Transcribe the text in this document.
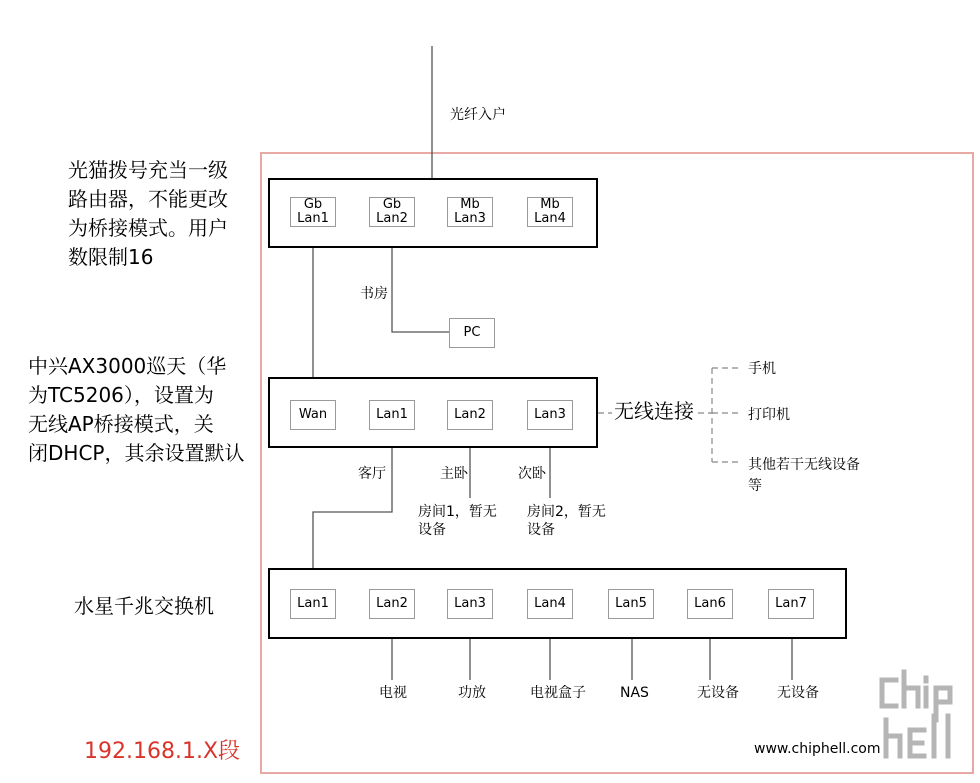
光纤入户
光猫拨号充当一级
路由器，不能更改
为桥接模式。用户
数限制16
中兴AX3000巡天（华
为TC5206），设置为
无线AP桥接模式，关
闭DHCP，其余设置默认
水星千兆交换机
Gb
Lan1
Gb
Lan2
Mb
Lan3
Mb
Lan4
书房
PC
Wan	Lan1	Lan2	Lan3	无线连接
手机
打印机
其他若干无线设备
等
客厅	主卧	次卧
房间1，暂无
设备
房间2，暂无
设备
Lan1	Lan2	Lan3	Lan4	Lan5	Lan6	Lan7
电视	功放	电视盒子 NAS	无设备	无设备
192.168.1.X段	www.chiphell.com
